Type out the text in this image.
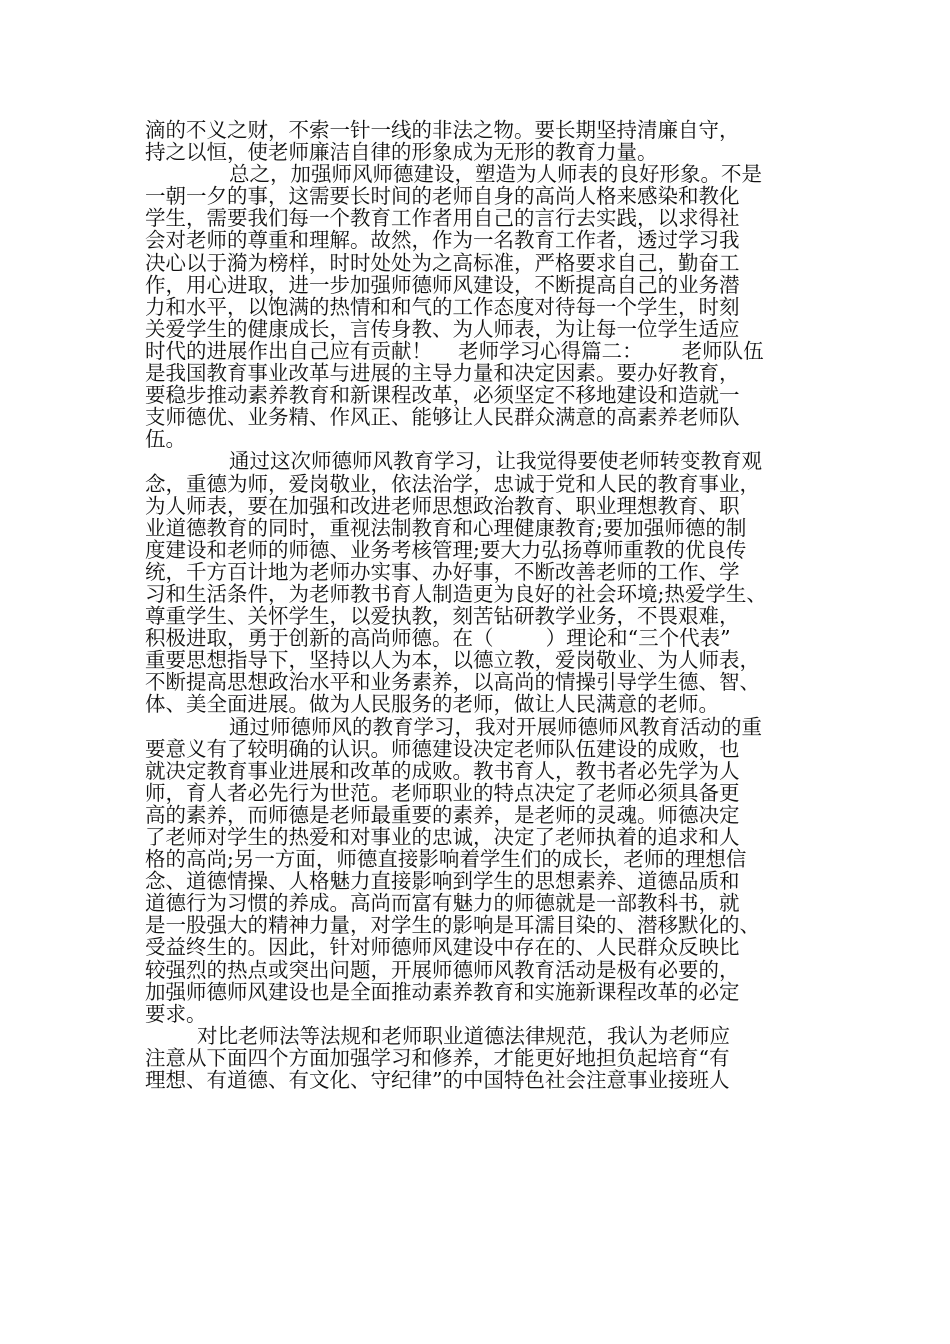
滴的不义之财，不索一针一线的非法之物。要长期坚持清廉自守，
持之以恒，使老师廉洁自律的形象成为无形的教育力量。
总之，加强师风师德建设，塑造为人师表的良好形象。不是
一朝一夕的事，这需要长时间的老师自身的高尚人格来感染和教化
学生，需要我们每一个教育工作者用自己的言行去实践，以求得社
会对老师的尊重和理解。故然，作为一名教育工作者，透过学习我
决心以于漪为榜样，时时处处为之高标准，严格要求自己，勤奋工
作，用心进取，进一步加强师德师风建设，不断提高自己的业务潜
力和水平，以饱满的热情和和气的工作态度对待每一个学生，时刻
关爱学生的健康成长，言传身教、为人师表，为让每一位学生适应
时代的进展作出自己应有贡献！    老师学习心得篇二：      老师队伍
是我国教育事业改革与进展的主导力量和决定因素。要办好教育，
要稳步推动素养教育和新课程改革，必须坚定不移地建设和造就一
支师德优、业务精、作风正、能够让人民群众满意的高素养老师队
伍。
通过这次师德师风教育学习，让我觉得要使老师转变教育观
念，重德为师，爱岗敬业，依法治学，忠诚于党和人民的教育事业，
为人师表，要在加强和改进老师思想政治教育、职业理想教育、职
业道德教育的同时，重视法制教育和心理健康教育;要加强师德的制
度建设和老师的师德、业务考核管理;要大力弘扬尊师重教的优良传
统，千方百计地为老师办实事、办好事，不断改善老师的工作、学
习和生活条件，为老师教书育人制造更为良好的社会环境;热爱学生、
尊重学生、关怀学生，以爱执教，刻苦钻研教学业务，不畏艰难，
积极进取，勇于创新的高尚师德。在（        ）理论和“三个代表”
重要思想指导下，坚持以人为本，以德立教，爱岗敬业、为人师表，
不断提高思想政治水平和业务素养，以高尚的情操引导学生德、智、
体、美全面进展。做为人民服务的老师，做让人民满意的老师。
通过师德师风的教育学习，我对开展师德师风教育活动的重
要意义有了较明确的认识。师德建设决定老师队伍建设的成败，也
就决定教育事业进展和改革的成败。教书育人，教书者必先学为人
师，育人者必先行为世范。老师职业的特点决定了老师必须具备更
高的素养，而师德是老师最重要的素养，是老师的灵魂。师德决定
了老师对学生的热爱和对事业的忠诚，决定了老师执着的追求和人
格的高尚;另一方面，师德直接影响着学生们的成长，老师的理想信
念、道德情操、人格魅力直接影响到学生的思想素养、道德品质和
道德行为习惯的养成。高尚而富有魅力的师德就是一部教科书，就
是一股强大的精神力量，对学生的影响是耳濡目染的、潜移默化的、
受益终生的。因此，针对师德师风建设中存在的、人民群众反映比
较强烈的热点或突出问题，开展师德师风教育活动是极有必要的，
加强师德师风建设也是全面推动素养教育和实施新课程改革的必定
要求。
对比老师法等法规和老师职业道德法律规范，我认为老师应
注意从下面四个方面加强学习和修养，才能更好地担负起培育“有
理想、有道德、有文化、守纪律”的中国特色社会注意事业接班人
